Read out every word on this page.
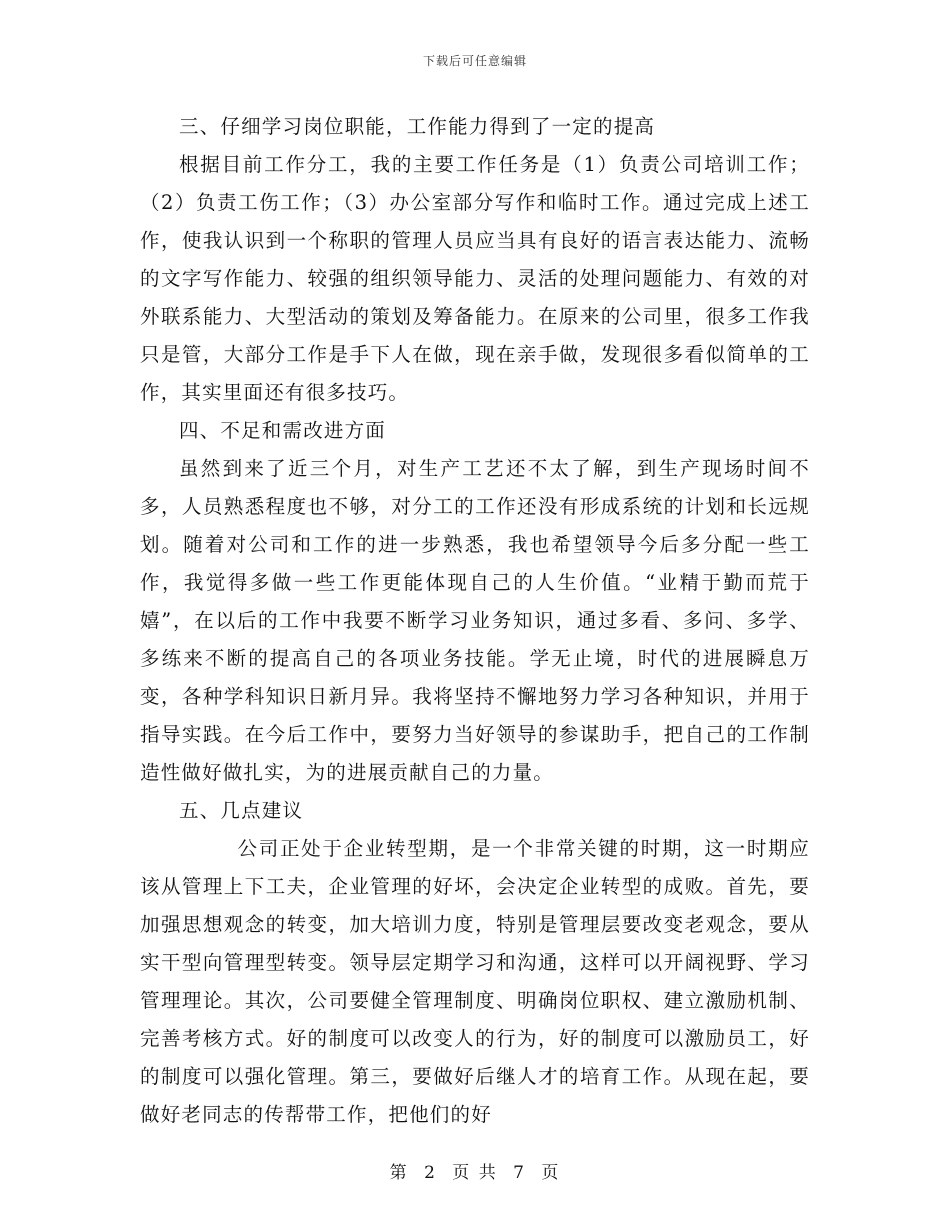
下载后可任意编辑

三、仔细学习岗位职能，工作能力得到了一定的提高

根据目前工作分工，我的主要工作任务是（1）负责公司培训工作；（2）负责工伤工作；（3）办公室部分写作和临时工作。通过完成上述工作，使我认识到一个称职的管理人员应当具有良好的语言表达能力、流畅的文字写作能力、较强的组织领导能力、灵活的处理问题能力、有效的对外联系能力、大型活动的策划及筹备能力。在原来的公司里，很多工作我只是管，大部分工作是手下人在做，现在亲手做，发现很多看似简单的工作，其实里面还有很多技巧。

四、不足和需改进方面

虽然到来了近三个月，对生产工艺还不太了解，到生产现场时间不多，人员熟悉程度也不够，对分工的工作还没有形成系统的计划和长远规划。随着对公司和工作的进一步熟悉，我也希望领导今后多分配一些工作，我觉得多做一些工作更能体现自己的人生价值。“业精于勤而荒于嬉”，在以后的工作中我要不断学习业务知识，通过多看、多问、多学、多练来不断的提高自己的各项业务技能。学无止境，时代的进展瞬息万变，各种学科知识日新月异。我将坚持不懈地努力学习各种知识，并用于指导实践。在今后工作中，要努力当好领导的参谋助手，把自己的工作制造性做好做扎实，为的进展贡献自己的力量。

五、几点建议

公司正处于企业转型期，是一个非常关键的时期，这一时期应该从管理上下工夫，企业管理的好坏，会决定企业转型的成败。首先，要加强思想观念的转变，加大培训力度，特别是管理层要改变老观念，要从实干型向管理型转变。领导层定期学习和沟通，这样可以开阔视野、学习管理理论。其次，公司要健全管理制度、明确岗位职权、建立激励机制、完善考核方式。好的制度可以改变人的行为，好的制度可以激励员工，好的制度可以强化管理。第三，要做好后继人才的培育工作。从现在起，要做好老同志的传帮带工作，把他们的好

第 2 页 共 7 页
